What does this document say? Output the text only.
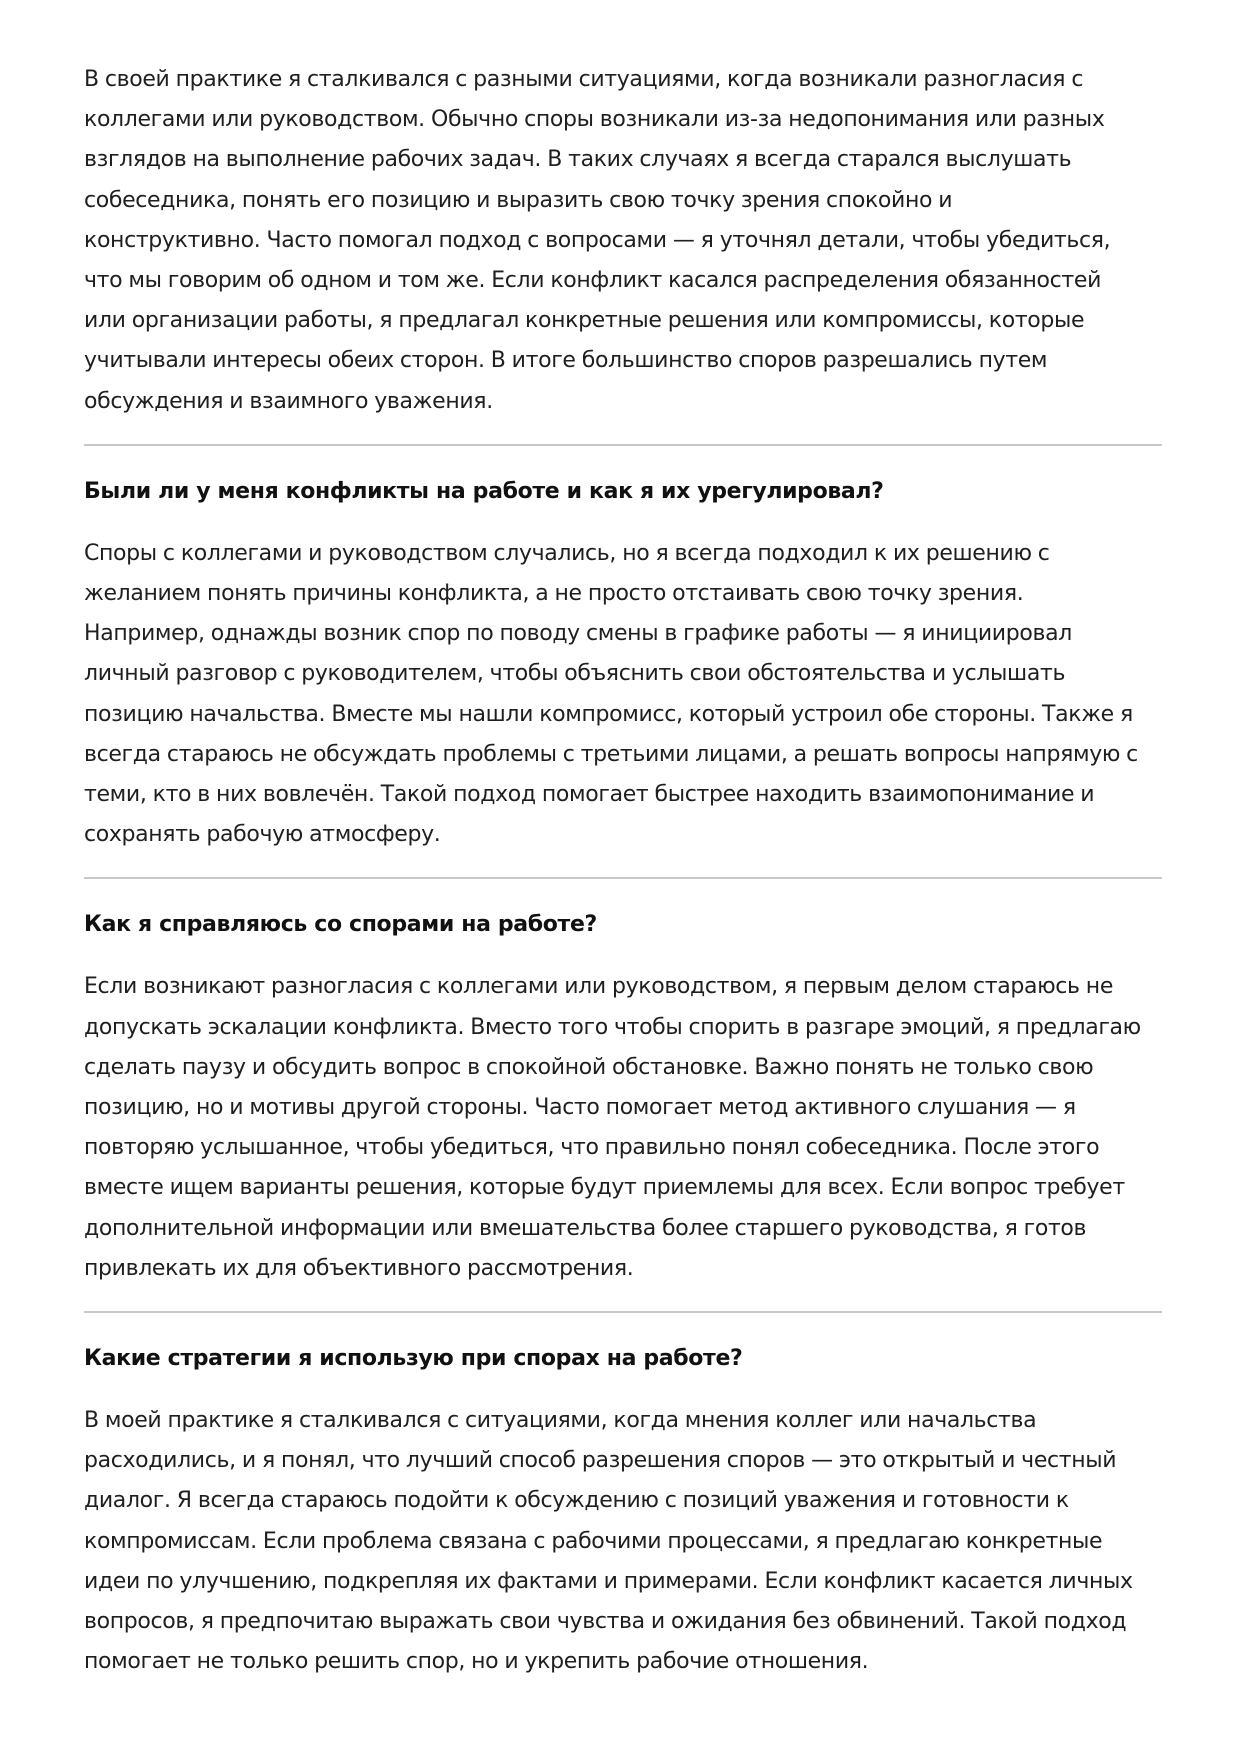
В своей практике я сталкивался с разными ситуациями, когда возникали разногласия с
коллегами или руководством. Обычно споры возникали из-за недопонимания или разных
взглядов на выполнение рабочих задач. В таких случаях я всегда старался выслушать
собеседника, понять его позицию и выразить свою точку зрения спокойно и
конструктивно. Часто помогал подход с вопросами — я уточнял детали, чтобы убедиться,
что мы говорим об одном и том же. Если конфликт касался распределения обязанностей
или организации работы, я предлагал конкретные решения или компромиссы, которые
учитывали интересы обеих сторон. В итоге большинство споров разрешались путем
обсуждения и взаимного уважения.

Были ли у меня конфликты на работе и как я их урегулировал?

Споры с коллегами и руководством случались, но я всегда подходил к их решению с
желанием понять причины конфликта, а не просто отстаивать свою точку зрения.
Например, однажды возник спор по поводу смены в графике работы — я инициировал
личный разговор с руководителем, чтобы объяснить свои обстоятельства и услышать
позицию начальства. Вместе мы нашли компромисс, который устроил обе стороны. Также я
всегда стараюсь не обсуждать проблемы с третьими лицами, а решать вопросы напрямую с
теми, кто в них вовлечён. Такой подход помогает быстрее находить взаимопонимание и
сохранять рабочую атмосферу.

Как я справляюсь со спорами на работе?

Если возникают разногласия с коллегами или руководством, я первым делом стараюсь не
допускать эскалации конфликта. Вместо того чтобы спорить в разгаре эмоций, я предлагаю
сделать паузу и обсудить вопрос в спокойной обстановке. Важно понять не только свою
позицию, но и мотивы другой стороны. Часто помогает метод активного слушания — я
повторяю услышанное, чтобы убедиться, что правильно понял собеседника. После этого
вместе ищем варианты решения, которые будут приемлемы для всех. Если вопрос требует
дополнительной информации или вмешательства более старшего руководства, я готов
привлекать их для объективного рассмотрения.

Какие стратегии я использую при спорах на работе?

В моей практике я сталкивался с ситуациями, когда мнения коллег или начальства
расходились, и я понял, что лучший способ разрешения споров — это открытый и честный
диалог. Я всегда стараюсь подойти к обсуждению с позиций уважения и готовности к
компромиссам. Если проблема связана с рабочими процессами, я предлагаю конкретные
идеи по улучшению, подкрепляя их фактами и примерами. Если конфликт касается личных
вопросов, я предпочитаю выражать свои чувства и ожидания без обвинений. Такой подход
помогает не только решить спор, но и укрепить рабочие отношения.
